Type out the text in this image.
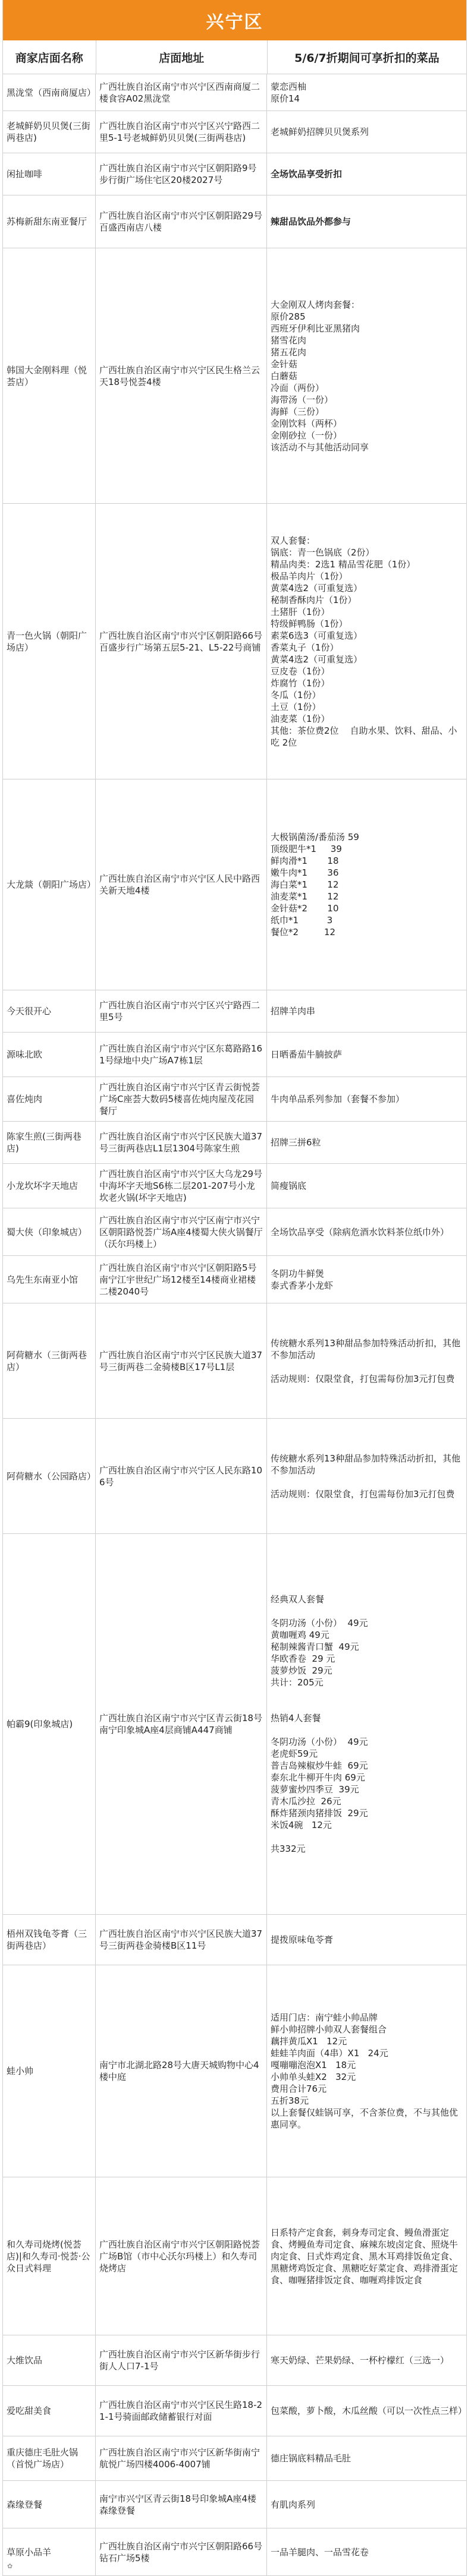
兴宁区
商家店面名称	店面地址	5/6/7折期间可享折扣的菜品
黑泷堂（西南商厦店）
广西壮族自治区南宁市兴宁区西南商厦二楼食容A02黑泷堂
蒙恋西柚
原价14
老城鲜奶贝贝煲(三街两巷店)
广西壮族自治区南宁市兴宁区兴宁路西二里5-1号老城鲜奶贝贝煲(三街两巷店)
老城鲜奶招牌贝贝煲系列
闲扯咖啡
广西壮族自治区南宁市兴宁区朝阳路9号步行街广场住宅区20楼2027号
全场饮品享受折扣
苏梅新甜东南亚餐厅
广西壮族自治区南宁市兴宁区朝阳路29号百盛西南店八楼
辣甜品饮品外都参与
韩国大金刚料理（悦荟店）
广西壮族自治区南宁市兴宁区民生格兰云天18号悦荟4楼
大金刚双人烤肉套餐：
原价285
西班牙伊利比亚黑猪肉
猪雪花肉
猪五花肉
金针菇
白蘑菇
冷面（两份）
海带汤（一份）
海鲜（三份）
金刚饮料（两杯）
金刚砂拉（一份）
该活动不与其他活动同享
青一色火锅（朝阳广场店）
广西壮族自治区南宁市兴宁区朝阳路66号百盛步行广场第五层5-21、L5-22号商铺
双人套餐：
锅底：青一色锅底（2份）
精品肉类：2选1 精品雪花肥（1份）
极品羊肉片（1份）
黄菜4选2（可重复选）
秘制香酥肉片（1份）
土猪肝（1份）
特级鲜鸭肠（1份）
素菜6选3（可重复选）
香菜丸子（1份）
黄菜4选2（可重复选）
豆皮卷（1份）
炸腐竹（1份）
冬瓜（1份）
土豆（1份）
油麦菜（1份）
其他：茶位费2位    自助水果、饮料、甜品、小吃 2位
大龙燚（朝阳广场店）
广西壮族自治区南宁市兴宁区人民中路西关新天地4楼
大极锅菌汤/番茄汤 59
顶级肥牛*1     39
鲜肉滑*1       18
嫩牛肉*1       36
海白菜*1       12
油麦菜*1       12
金针菇*2       10
纸巾*1          3
餐位*2         12
今天很开心
广西壮族自治区南宁市兴宁区兴宁路西二里5号
招牌羊肉串
源味北欧
广西壮族自治区南宁市兴宁区东葛路路161号绿地中央广场A7栋1层
日晒番茄牛腩披萨
喜佐炖肉
广西壮族自治区南宁市兴宁区青云街悦荟广场C座荟大数码5楼喜佐炖肉屋茂花园餐厅
牛肉单品系列参加（套餐不参加）
陈家生煎(三街两巷店)
广西壮族自治区南宁市兴宁区民族大道37号三街两巷店L1层1304号陈家生煎
招牌三拼6粒
小龙坎坏字天地店
广西壮族自治区南宁市兴宁区大乌龙29号中海坏字天地S6栋二层201-207号小龙坎老火锅(坏字天地店)
简瘦锅底
蜀大侠（印象城店）
广西壮族自治区南宁市兴宁区南宁市兴宁区朝阳路悦荟广场A座4楼蜀大侠火锅餐厅（沃尔玛楼上）
全场饮品享受（除病危酒水饮料茶位纸巾外）
乌先生东南亚小馆
广西壮族自治区南宁市兴宁区朝阳路5号南宁江宇世纪广场12楼至14楼商业裙楼二楼2040号
冬阴功牛鲜煲
泰式香茅小龙虾
阿荷糖水（三街两巷店）
广西壮族自治区南宁市兴宁区民族大道37号三街两巷二金骑楼B区17号L1层
传统糖水系列13种甜品参加特殊活动折扣，其他不参加活动

活动规则：仅限堂食，打包需每份加3元打包费
阿荷糖水（公园路店）
广西壮族自治区南宁市兴宁区人民东路106号
传统糖水系列13种甜品参加特殊活动折扣，其他不参加活动

活动规则：仅限堂食，打包需每份加3元打包费
帕霸9(印象城店)
广西壮族自治区南宁市兴宁区青云街18号南宁印象城A座4层商铺A447商铺
经典双人套餐

冬阴功汤（小份）  49元
黄咖喱鸡 49元
秘制辣酱青口蟹  49元
华欧香卷  29 元
菠萝炒饭  29元
共计：205元

热销4人套餐

冬阴功汤（小份）  49元
老虎虾59元
普吉岛辣椒炒牛蛙  69元
泰东北牛柳开牛肉 69元
菠萝蜜炒四季豆  39元
青木瓜沙拉  26元
酥炸猪颈肉猪排饭  29元
米饭4碗   12元

共332元
梧州双钱龟苓膏（三街两巷店）
广西壮族自治区南宁市兴宁区民族大道37号三街两巷金骑楼B区11号
提拨原味龟苓膏
蛙小帅
南宁市北湖北路28号大唐天城购物中心4楼中庭
适用门店：南宁蛙小帅品牌
鲜小帅招牌小帅双人套餐组合
藕拌黄瓜X1   12元
蛙蛙羊肉面（4串）X1   24元
嘎嘣嘣泡泡X1   18元
小帅单头蛙X2   32元
费用合计76元
五折38元
以上套餐仅蛙锅可享，不含茶位费，不与其他优惠同享。
和久寿司烧烤(悦荟店)|和久寿司·悦荟·公众日式料理
广西壮族自治区南宁市兴宁区朝阳路悦荟广场B馆（市中心沃尔玛楼上）和久寿司烧烤店
日系特产定食套，刺身寿司定食、鳗鱼滑蛋定食、烤鳗鱼寿司定食、麻辣东坡卤定食、照烧牛肉定食、日式炸鸡定食、黑木耳鸡排饭鱼定食、黑糖烤鸡饭定食、黑糖吃好菜定食、鸡排滑蛋定食、咖喱猪排饭定食、咖喱鸡排饭定食
大维饮品
广西壮族自治区南宁市兴宁区新华街步行街人人口7-1号
寒天奶绿、芒果奶绿、一杯柠檬红（三选一）
爱吃甜美食
广西壮族自治区南宁市兴宁区民生路18-21-1号骑面邮政储蓄银行对面
包菜酸，萝卜酸，木瓜丝酸（可以一次性点三样）
重庆德庄毛肚火锅（首悦广场店）
广西壮族自治区南宁市兴宁区新华街南宁航悦广场四楼4006-4007铺
德庄锅底料精品毛肚
森缘登餐
南宁市兴宁区青云街18号印象城A座4楼 森缘登餐
有肌肉系列
草原小品羊
广西壮族自治区南宁市兴宁区朝阳路66号钻石广场5楼
一品羊腿肉、一品雪花卷
✿
